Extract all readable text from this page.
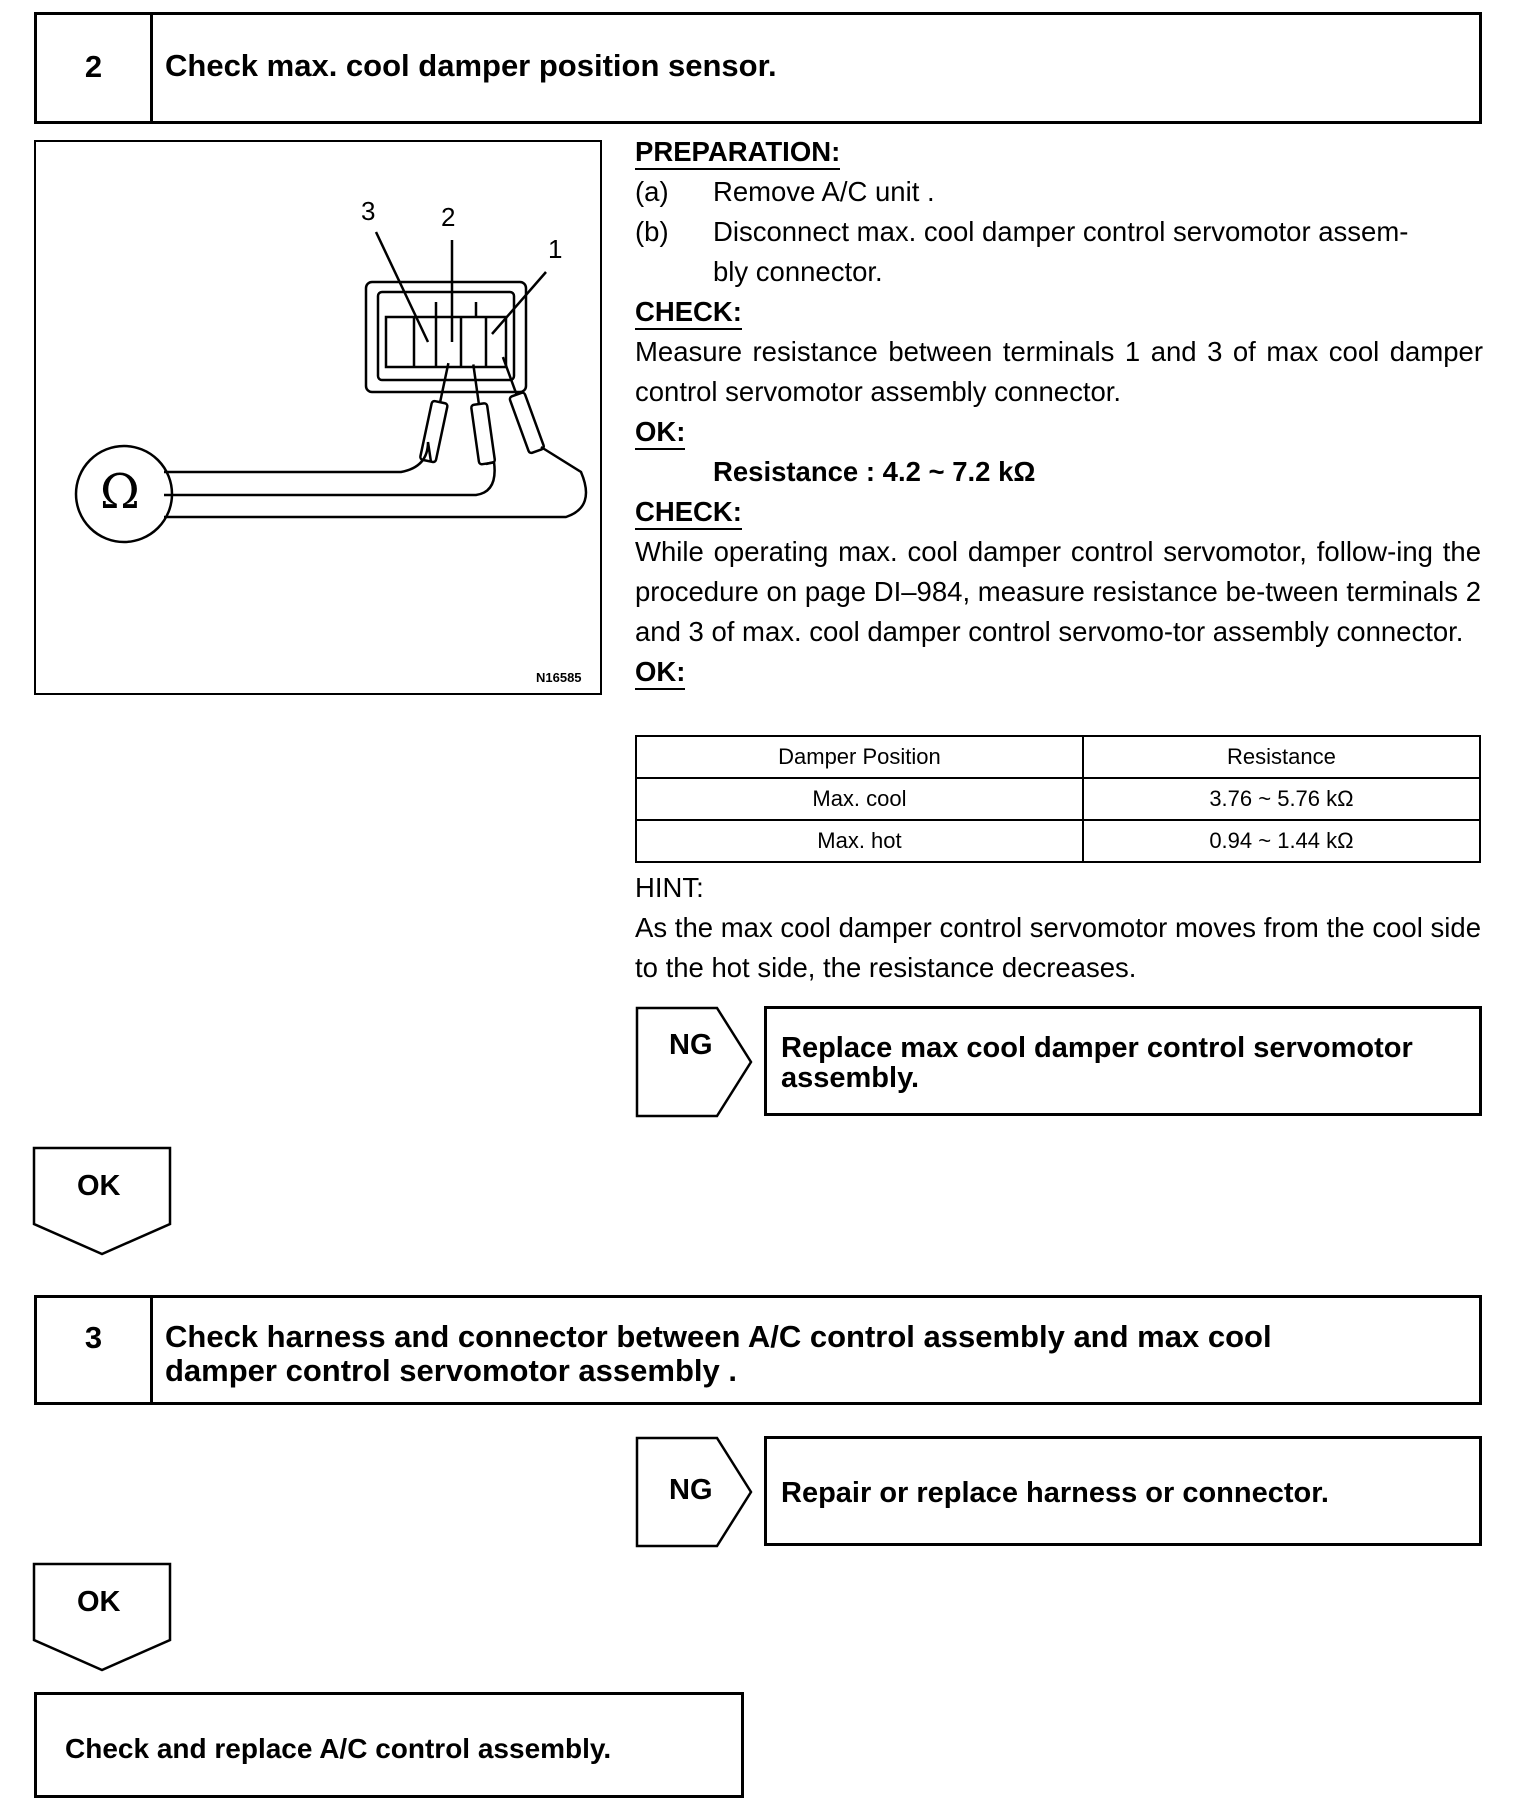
2	Check max. cool damper position sensor.
3	2
1
Ω
N16585
PREPARATION:
(a)	Remove A/C unit .
(b)	Disconnect max. cool damper control servomotor assem-
bly connector.
CHECK:
Measure resistance between terminals 1 and 3 of max cool damper control servomotor assembly connector.
OK:
Resistance : 4.2 ~ 7.2 kΩ
CHECK:
While operating max. cool damper control servomotor, follow-ing the procedure on page DI–984, measure resistance be-tween terminals 2 and 3 of max. cool damper control servomo-tor assembly connector.
OK:
Damper Position	Resistance
Max. cool	3.76 ~ 5.76 kΩ
Max. hot	0.94 ~ 1.44 kΩ
HINT:
As the max cool damper control servomotor moves from the cool side to the hot side, the resistance decreases.
NG	Replace max cool damper control servomotor assembly.
OK
3	Check harness and connector between A/C control assembly and max cool
damper control servomotor assembly .
NG	Repair or replace harness or connector.
OK
Check and replace A/C control assembly.
